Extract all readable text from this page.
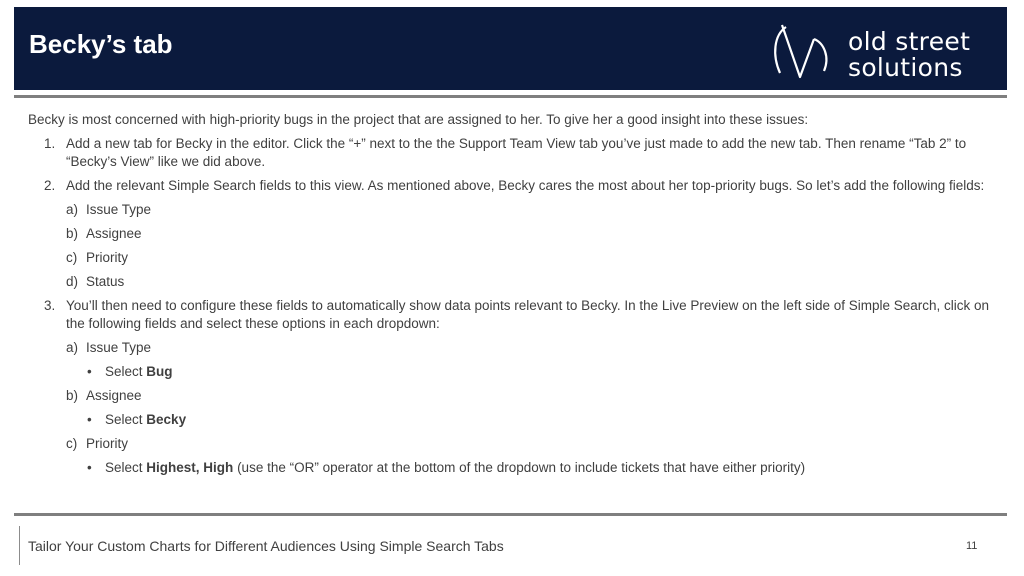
Becky’s tab	old street
solutions

Becky is most concerned with high-priority bugs in the project that are assigned to her. To give her a good insight into these issues:

1. Add a new tab for Becky in the editor. Click the “+” next to the the Support Team View tab you’ve just made to add the new tab. Then rename “Tab 2” to “Becky’s View” like we did above.

2. Add the relevant Simple Search fields to this view. As mentioned above, Becky cares the most about her top-priority bugs. So let’s add the following fields:

a) Issue Type

b) Assignee

c) Priority

d) Status

3. You’ll then need to configure these fields to automatically show data points relevant to Becky. In the Live Preview on the left side of Simple Search, click on the following fields and select these options in each dropdown:

a) Issue Type

• Select Bug

b) Assignee

• Select Becky

c) Priority

• Select Highest, High (use the “OR” operator at the bottom of the dropdown to include tickets that have either priority)

Tailor Your Custom Charts for Different Audiences Using Simple Search Tabs	11
